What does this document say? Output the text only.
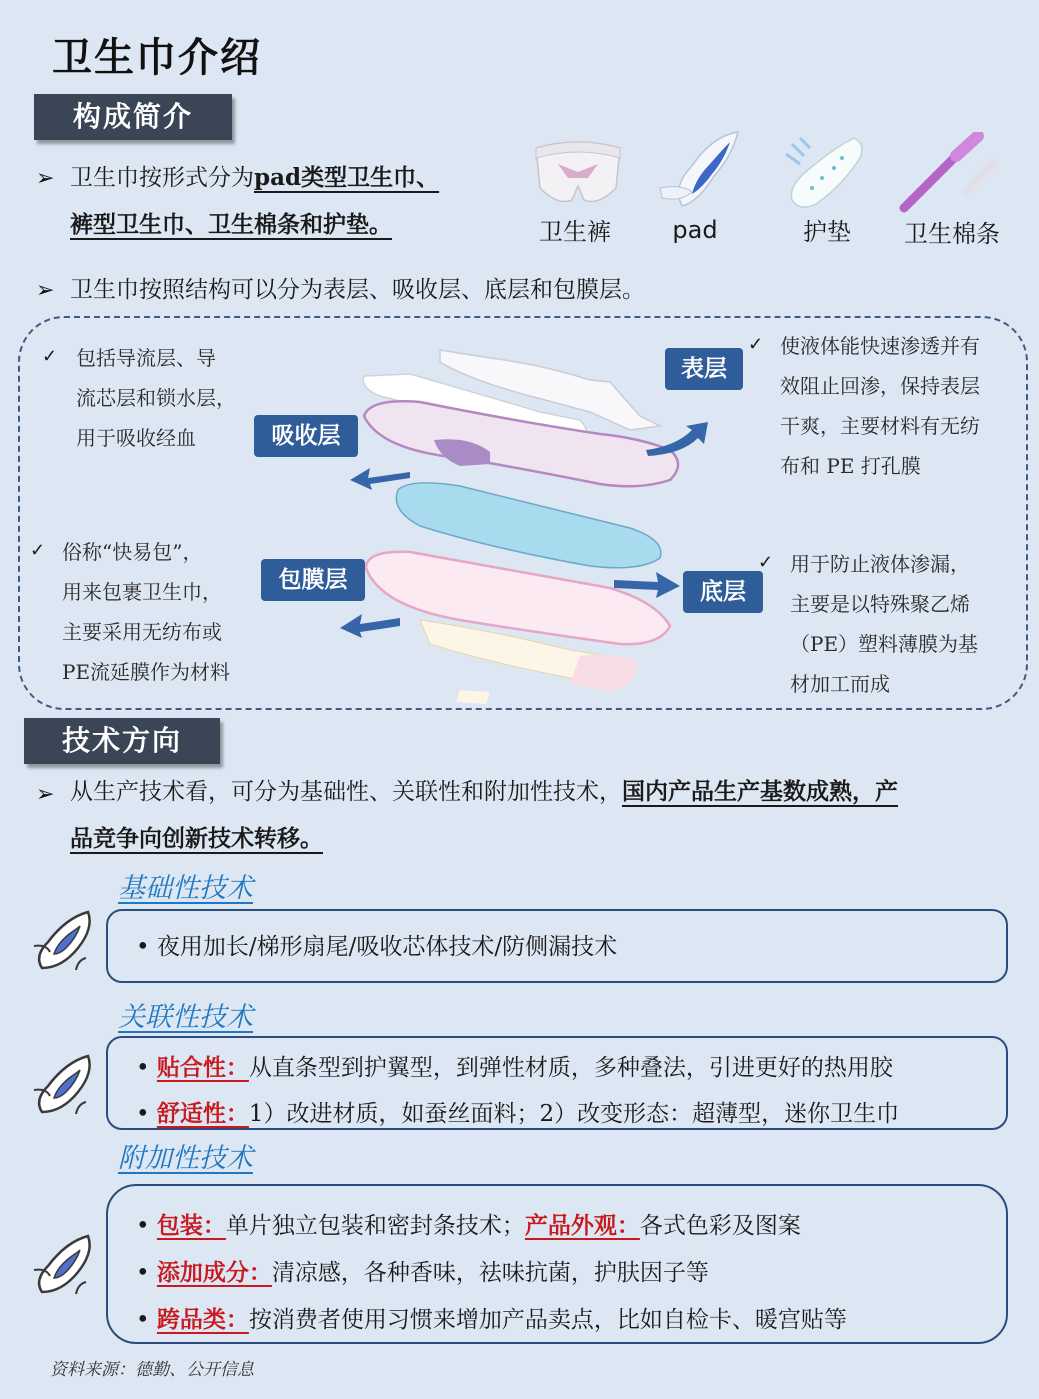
卫生巾介绍
构成简介
➢ 卫生巾按形式分为pad类型卫生巾、
裤型卫生巾、卫生棉条和护垫。	卫生裤	pad	护垫	卫生棉条
➢ 卫生巾按照结构可以分为表层、吸收层、底层和包膜层。
吸收层
表层
包膜层	底层
✓ 包括导流层、导
流芯层和锁水层，
用于吸收经血
✓ 使液体能快速渗透并有
效阻止回渗，保持表层
干爽，主要材料有无纺
布和 PE 打孔膜
✓ 俗称“快易包”，
用来包裹卫生巾，
主要采用无纺布或
PE流延膜作为材料
✓ 用于防止液体渗漏，
主要是以特殊聚乙烯
（PE）塑料薄膜为基
材加工而成
技术方向
➢ 从生产技术看，可分为基础性、关联性和附加性技术，国内产品生产基数成熟，产
品竞争向创新技术转移。
基础性技术
• 夜用加长/梯形扇尾/吸收芯体技术/防侧漏技术
关联性技术
• 贴合性：从直条型到护翼型，到弹性材质，多种叠法，引进更好的热用胶
• 舒适性：1）改进材质，如蚕丝面料；2）改变形态：超薄型，迷你卫生巾
附加性技术
• 包装：单片独立包装和密封条技术；产品外观：各式色彩及图案
• 添加成分：清凉感，各种香味，祛味抗菌，护肤因子等
• 跨品类：按消费者使用习惯来增加产品卖点，比如自检卡、暖宫贴等
资料来源：德勤、公开信息
